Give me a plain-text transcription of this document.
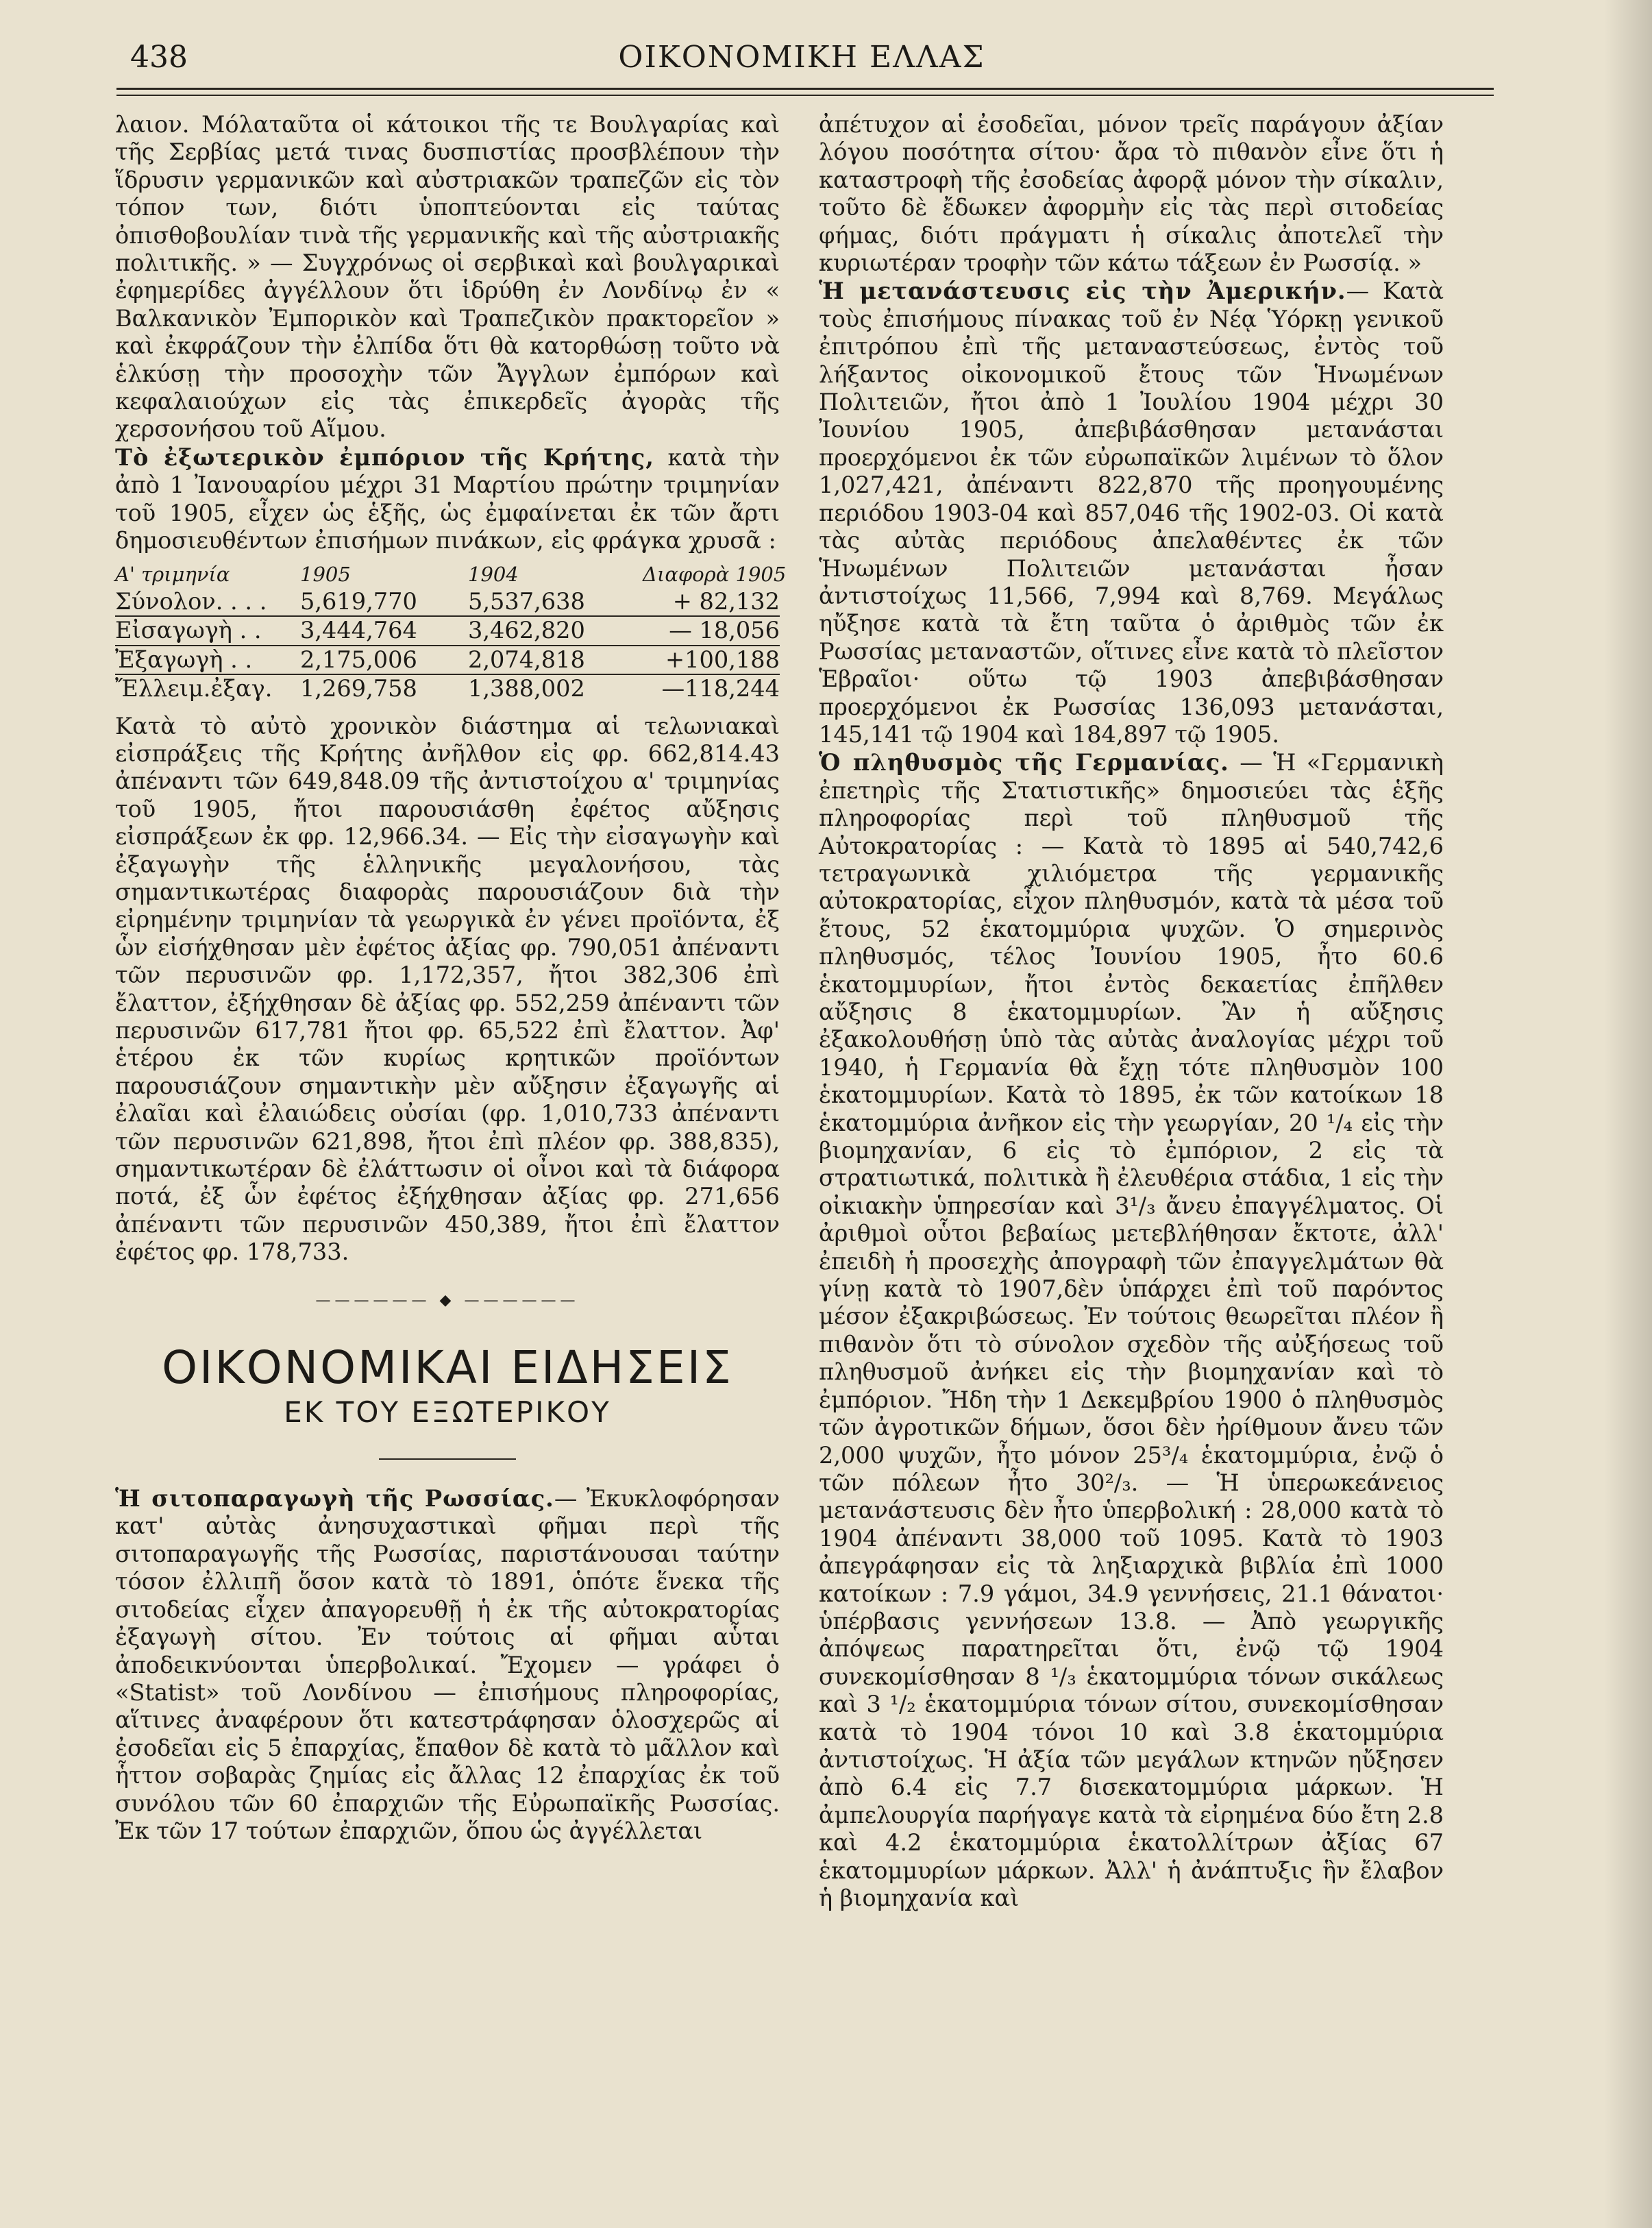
438	ΟΙΚΟΝΟΜΙΚΗ ΕΛΛΑΣ

λαιον. Μόλαταῦτα οἱ κάτοικοι τῆς τε Βουλγαρίας καὶ τῆς Σερβίας μετά τινας δυσπιστίας προσβλέπουν τὴν ἵδρυσιν γερμανικῶν καὶ αὐστριακῶν τραπεζῶν εἰς τὸν τόπον των, διότι ὑποπτεύονται εἰς ταύτας ὀπισθοβουλίαν τινὰ τῆς γερμανικῆς καὶ τῆς αὐστριακῆς πολιτικῆς. » — Συγχρόνως οἱ σερβικαὶ καὶ βουλγαρικαὶ ἐφημερίδες ἀγγέλλουν ὅτι ἱδρύθη ἐν Λονδίνῳ ἐν « Βαλκανικὸν Ἐμπορικὸν καὶ Τραπεζικὸν πρακτορεῖον » καὶ ἐκφράζουν τὴν ἐλπίδα ὅτι θὰ κατορθώσῃ τοῦτο νὰ ἑλκύσῃ τὴν προσοχὴν τῶν Ἄγγλων ἐμπόρων καὶ κεφαλαιούχων εἰς τὰς ἐπικερδεῖς ἀγορὰς τῆς χερσονήσου τοῦ Αἵμου.

Τὸ ἐξωτερικὸν ἐμπόριον τῆς Κρήτης, κατὰ τὴν ἀπὸ 1 Ἰανουαρίου μέχρι 31 Μαρτίου πρώτην τριμηνίαν τοῦ 1905, εἶχεν ὡς ἑξῆς, ὡς ἐμφαίνεται ἐκ τῶν ἄρτι δημοσιευθέντων ἐπισήμων πινάκων, εἰς φράγκα χρυσᾶ :

Α' τριμηνία	1905	1904	Διαφορὰ 1905
Σύνολον. . . .	5,619,770	5,537,638	+ 82,132
Εἰσαγωγὴ . .	3,444,764	3,462,820	— 18,056
Ἐξαγωγὴ . .	2,175,006	2,074,818	+100,188
Ἔλλειμ.ἐξαγ.	1,269,758	1,388,002	—118,244

Κατὰ τὸ αὐτὸ χρονικὸν διάστημα αἱ τελωνιακαὶ εἰσπράξεις τῆς Κρήτης ἀνῆλθον εἰς φρ. 662,814.43 ἀπέναντι τῶν 649,848.09 τῆς ἀντιστοίχου α' τριμηνίας τοῦ 1905, ἤτοι παρουσιάσθη ἐφέτος αὔξησις εἰσπράξεων ἐκ φρ. 12,966.34. — Εἰς τὴν εἰσαγωγὴν καὶ ἐξαγωγὴν τῆς ἑλληνικῆς μεγαλονήσου, τὰς σημαντικωτέρας διαφορὰς παρουσιάζουν διὰ τὴν εἰρημένην τριμηνίαν τὰ γεωργικὰ ἐν γένει προϊόντα, ἐξ ὧν εἰσήχθησαν μὲν ἐφέτος ἀξίας φρ. 790,051 ἀπέναντι τῶν περυσινῶν φρ. 1,172,357, ἤτοι 382,306 ἐπὶ ἔλαττον, ἐξήχθησαν δὲ ἀξίας φρ. 552,259 ἀπέναντι τῶν περυσινῶν 617,781 ἤτοι φρ. 65,522 ἐπὶ ἔλαττον. Ἀφ' ἑτέρου ἐκ τῶν κυρίως κρητικῶν προϊόντων παρουσιάζουν σημαντικὴν μὲν αὔξησιν ἐξαγωγῆς αἱ ἐλαῖαι καὶ ἐλαιώδεις οὐσίαι (φρ. 1,010,733 ἀπέναντι τῶν περυσινῶν 621,898, ἤτοι ἐπὶ πλέον φρ. 388,835), σημαντικωτέραν δὲ ἐλάττωσιν οἱ οἶνοι καὶ τὰ διάφορα ποτά, ἐξ ὧν ἐφέτος ἐξήχθησαν ἀξίας φρ. 271,656 ἀπέναντι τῶν περυσινῶν 450,389, ἤτοι ἐπὶ ἔλαττον ἐφέτος φρ. 178,733.

—————— ◆ ——————
ΟΙΚΟΝΟΜΙΚΑΙ ΕΙΔΗΣΕΙΣ
ΕΚ ΤΟΥ ΕΞΩΤΕΡΙΚΟΥ

Ἡ σιτοπαραγωγὴ τῆς Ρωσσίας.— Ἐκυκλοφόρησαν κατ' αὐτὰς ἀνησυχαστικαὶ φῆμαι περὶ τῆς σιτοπαραγωγῆς τῆς Ρωσσίας, παριστάνουσαι ταύτην τόσον ἐλλιπῆ ὅσον κατὰ τὸ 1891, ὁπότε ἕνεκα τῆς σιτοδείας εἶχεν ἀπαγορευθῇ ἡ ἐκ τῆς αὐτοκρατορίας ἐξαγωγὴ σίτου. Ἐν τούτοις αἱ φῆμαι αὗται ἀποδεικνύονται ὑπερβολικαί. Ἔχομεν — γράφει ὁ «Statist» τοῦ Λονδίνου — ἐπισήμους πληροφορίας, αἵτινες ἀναφέρουν ὅτι κατεστράφησαν ὁλοσχερῶς αἱ ἐσοδεῖαι εἰς 5 ἐπαρχίας, ἔπαθον δὲ κατὰ τὸ μᾶλλον καὶ ἧττον σοβαρὰς ζημίας εἰς ἄλλας 12 ἐπαρχίας ἐκ τοῦ συνόλου τῶν 60 ἐπαρχιῶν τῆς Εὐρωπαϊκῆς Ρωσσίας. Ἐκ τῶν 17 τούτων ἐπαρχιῶν, ὅπου ὡς ἀγγέλλεται

ἀπέτυχον αἱ ἐσοδεῖαι, μόνον τρεῖς παράγουν ἀξίαν λόγου ποσότητα σίτου· ἄρα τὸ πιθανὸν εἶνε ὅτι ἡ καταστροφὴ τῆς ἐσοδείας ἀφορᾷ μόνον τὴν σίκαλιν, τοῦτο δὲ ἔδωκεν ἀφορμὴν εἰς τὰς περὶ σιτοδείας φήμας, διότι πράγματι ἡ σίκαλις ἀποτελεῖ τὴν κυριωτέραν τροφὴν τῶν κάτω τάξεων ἐν Ρωσσίᾳ. »

Ἡ μετανάστευσις εἰς τὴν Ἀμερικήν.— Κατὰ τοὺς ἐπισήμους πίνακας τοῦ ἐν Νέᾳ Ὑόρκῃ γενικοῦ ἐπιτρόπου ἐπὶ τῆς μεταναστεύσεως, ἐντὸς τοῦ λήξαντος οἰκονομικοῦ ἔτους τῶν Ἡνωμένων Πολιτειῶν, ἤτοι ἀπὸ 1 Ἰουλίου 1904 μέχρι 30 Ἰουνίου 1905, ἀπεβιβάσθησαν μετανάσται προερχόμενοι ἐκ τῶν εὐρωπαϊκῶν λιμένων τὸ ὅλον 1,027,421, ἀπέναντι 822,870 τῆς προηγουμένης περιόδου 1903-04 καὶ 857,046 τῆς 1902-03. Οἱ κατὰ τὰς αὐτὰς περιόδους ἀπελαθέντες ἐκ τῶν Ἡνωμένων Πολιτειῶν μετανάσται ἦσαν ἀντιστοίχως 11,566, 7,994 καὶ 8,769. Μεγάλως ηὔξησε κατὰ τὰ ἔτη ταῦτα ὁ ἀριθμὸς τῶν ἐκ Ρωσσίας μεταναστῶν, οἵτινες εἶνε κατὰ τὸ πλεῖστον Ἑβραῖοι· οὕτω τῷ 1903 ἀπεβιβάσθησαν προερχόμενοι ἐκ Ρωσσίας 136,093 μετανάσται, 145,141 τῷ 1904 καὶ 184,897 τῷ 1905.

Ὁ πληθυσμὸς τῆς Γερμανίας. — Ἡ «Γερμανικὴ ἐπετηρὶς τῆς Στατιστικῆς» δημοσιεύει τὰς ἑξῆς πληροφορίας περὶ τοῦ πληθυσμοῦ τῆς Αὐτοκρατορίας : — Κατὰ τὸ 1895 αἱ 540,742,6 τετραγωνικὰ χιλιόμετρα τῆς γερμανικῆς αὐτοκρατορίας, εἶχον πληθυσμόν, κατὰ τὰ μέσα τοῦ ἔτους, 52 ἑκατομμύρια ψυχῶν. Ὁ σημερινὸς πληθυσμός, τέλος Ἰουνίου 1905, ἦτο 60.6 ἑκατομμυρίων, ἤτοι ἐντὸς δεκαετίας ἐπῆλθεν αὔξησις 8 ἑκατομμυρίων. Ἂν ἡ αὔξησις ἐξακολουθήσῃ ὑπὸ τὰς αὐτὰς ἀναλογίας μέχρι τοῦ 1940, ἡ Γερμανία θὰ ἔχῃ τότε πληθυσμὸν 100 ἑκατομμυρίων. Κατὰ τὸ 1895, ἐκ τῶν κατοίκων 18 ἑκατομμύρια ἀνῆκον εἰς τὴν γεωργίαν, 20 ¹/₄ εἰς τὴν βιομηχανίαν, 6 εἰς τὸ ἐμπόριον, 2 εἰς τὰ στρατιωτικά, πολιτικὰ ἢ ἐλευθέρια στάδια, 1 εἰς τὴν οἰκιακὴν ὑπηρεσίαν καὶ 3¹/₃ ἄνευ ἐπαγγέλματος. Οἱ ἀριθμοὶ οὗτοι βεβαίως μετεβλήθησαν ἔκτοτε, ἀλλ' ἐπειδὴ ἡ προσεχὴς ἀπογραφὴ τῶν ἐπαγγελμάτων θὰ γίνῃ κατὰ τὸ 1907,δὲν ὑπάρχει ἐπὶ τοῦ παρόντος μέσον ἐξακριβώσεως. Ἐν τούτοις θεωρεῖται πλέον ἢ πιθανὸν ὅτι τὸ σύνολον σχεδὸν τῆς αὐξήσεως τοῦ πληθυσμοῦ ἀνήκει εἰς τὴν βιομηχανίαν καὶ τὸ ἐμπόριον. Ἤδη τὴν 1 Δεκεμβρίου 1900 ὁ πληθυσμὸς τῶν ἀγροτικῶν δήμων, ὅσοι δὲν ἠρίθμουν ἄνευ τῶν 2,000 ψυχῶν, ἦτο μόνον 25³/₄ ἑκατομμύρια, ἐνῷ ὁ τῶν πόλεων ἦτο 30²/₃. — Ἡ ὑπερωκεάνειος μετανάστευσις δὲν ἦτο ὑπερβολική : 28,000 κατὰ τὸ 1904 ἀπέναντι 38,000 τοῦ 1095. Κατὰ τὸ 1903 ἀπεγράφησαν εἰς τὰ ληξιαρχικὰ βιβλία ἐπὶ 1000 κατοίκων : 7.9 γάμοι, 34.9 γεννήσεις, 21.1 θάνατοι· ὑπέρβασις γεννήσεων 13.8. — Ἀπὸ γεωργικῆς ἀπόψεως παρατηρεῖται ὅτι, ἐνῷ τῷ 1904 συνεκομίσθησαν 8 ¹/₃ ἑκατομμύρια τόνων σικάλεως καὶ 3 ¹/₂ ἑκατομμύρια τόνων σίτου, συνεκομίσθησαν κατὰ τὸ 1904 τόνοι 10 καὶ 3.8 ἑκατομμύρια ἀντιστοίχως. Ἡ ἀξία τῶν μεγάλων κτηνῶν ηὔξησεν ἀπὸ 6.4 εἰς 7.7 δισεκατομμύρια μάρκων. Ἡ ἀμπελουργία παρήγαγε κατὰ τὰ εἰρημένα δύο ἔτη 2.8 καὶ 4.2 ἑκατομμύρια ἑκατολλίτρων ἀξίας 67 ἑκατομμυρίων μάρκων. Ἀλλ' ἡ ἀνάπτυξις ἣν ἔλαβον ἡ βιομηχανία καὶ
